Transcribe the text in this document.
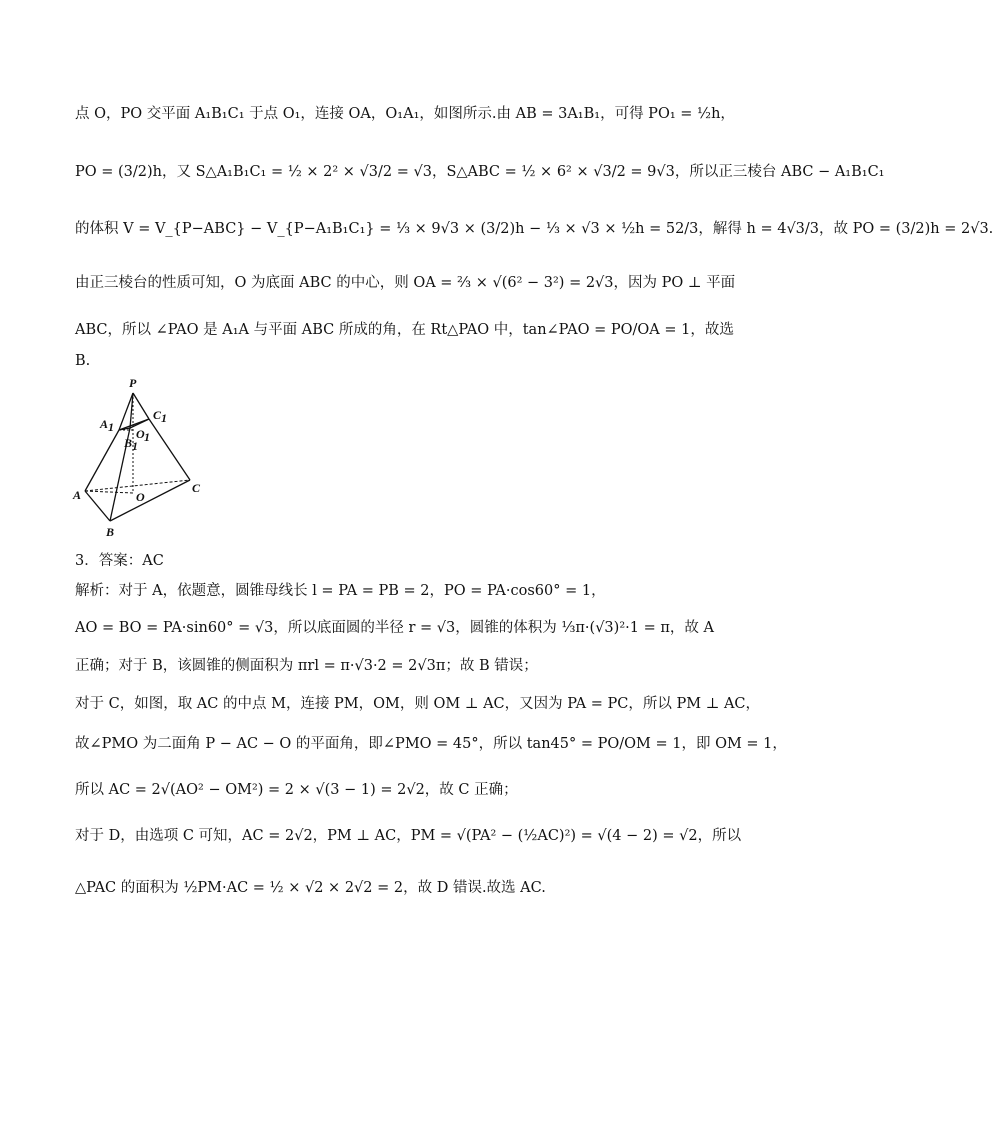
点 O，PO 交平面 A₁B₁C₁ 于点 O₁，连接 OA，O₁A₁，如图所示.由 AB = 3A₁B₁，可得 PO₁ = ½h，
PO = (3/2)h，又 S△A₁B₁C₁ = ½ × 2² × √3/2 = √3，S△ABC = ½ × 6² × √3/2 = 9√3，所以正三棱台 ABC − A₁B₁C₁
的体积 V = V_{P−ABC} − V_{P−A₁B₁C₁} = ⅓ × 9√3 × (3/2)h − ⅓ × √3 × ½h = 52/3，解得 h = 4√3/3，故 PO = (3/2)h = 2√3.
由正三棱台的性质可知，O 为底面 ABC 的中心，则 OA = ⅔ × √(6² − 3²) = 2√3，因为 PO ⊥ 平面
ABC，所以 ∠PAO 是 A₁A 与平面 ABC 所成的角，在 Rt△PAO 中，tan∠PAO = PO/OA = 1，故选
B.
P
A 1
C 1
B 1
O 1
A	O
C
B
3．答案：AC
解析：对于 A，依题意，圆锥母线长 l = PA = PB = 2，PO = PA·cos60° = 1，
AO = BO = PA·sin60° = √3，所以底面圆的半径 r = √3，圆锥的体积为 ⅓π·(√3)²·1 = π，故 A
正确；对于 B，该圆锥的侧面积为 πrl = π·√3·2 = 2√3π；故 B 错误；
对于 C，如图，取 AC 的中点 M，连接 PM，OM，则 OM ⊥ AC，又因为 PA = PC，所以 PM ⊥ AC，
故∠PMO 为二面角 P − AC − O 的平面角，即∠PMO = 45°，所以 tan45° = PO/OM = 1，即 OM = 1，
所以 AC = 2√(AO² − OM²) = 2 × √(3 − 1) = 2√2，故 C 正确；
对于 D，由选项 C 可知，AC = 2√2，PM ⊥ AC，PM = √(PA² − (½AC)²) = √(4 − 2) = √2，所以
△PAC 的面积为 ½PM·AC = ½ × √2 × 2√2 = 2，故 D 错误.故选 AC.
